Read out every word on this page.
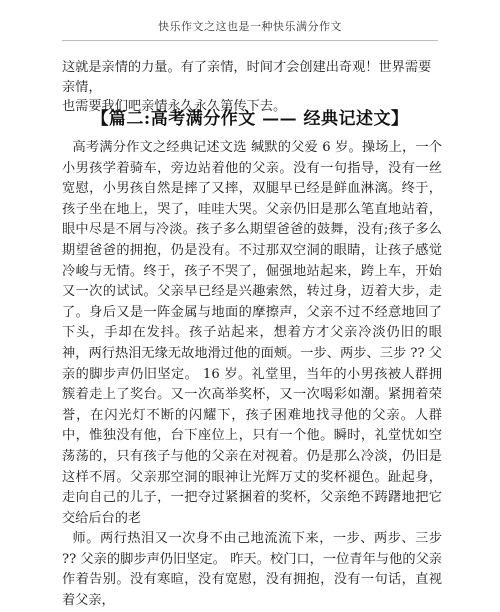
快乐作文之这也是一种快乐满分作文
这就是亲情的力量。有了亲情，时间才会创建出奇观！世界需要亲情，
也需要我们吧亲情永久永久第传下去。
【篇二:高考满分作文 —— 经典记述文】

高考满分作文之经典记述文选 缄默的父爱 6 岁。操场上，一个小男孩学着骑车，旁边站着他的父亲。没有一句指导，没有一丝宽慰，小男孩自然是摔了又摔，双腿早已经是鲜血淋漓。终于，孩子坐在地上，哭了，哇哇大哭。父亲仍旧是那么笔直地站着，眼中尽是不屑与冷淡。孩子多么期望爸爸的鼓舞，没有;孩子多么期望爸爸的拥抱，仍是没有。不过那双空洞的眼睛，让孩子感觉冷峻与无情。终于，孩子不哭了，倔强地站起来，跨上车，开始又一次的试试。父亲早已经是兴趣索然，转过身，迈着大步，走了。身后又是一阵金属与地面的摩擦声，父亲不过不经意地回了下头，手却在发抖。孩子站起来，想着方才父亲冷淡仍旧的眼神，两行热泪无缘无故地滑过他的面颊。一步、两步、三步 ?? 父亲的脚步声仍旧坚定。 16 岁。礼堂里，当年的小男孩被人群拥簇着走上了奖台。又一次高举奖杯，又一次喝彩如潮。紧拥着荣誉，在闪光灯不断的闪耀下，孩子困难地找寻他的父亲。人群中，惟独没有他，台下座位上，只有一个他。瞬时，礼堂忧如空荡荡的，只有孩子与他的父亲在对视着。仍是那么冷淡，仍旧是这样不屑。父亲那空洞的眼神让光辉万丈的奖杯褪色。趾起身，走向自己的儿子，一把夺过紧捆着的奖杯，父亲绝不踌躇地把它交给后台的老

师。两行热泪又一次身不由己地流流下来，一步、两步、三步 ?? 父亲的脚步声仍旧坚定。 昨天。校门口，一位青年与他的父亲作着告别。没有寒暄，没有宽慰，没有拥抱，没有一句话，直视着父亲，
